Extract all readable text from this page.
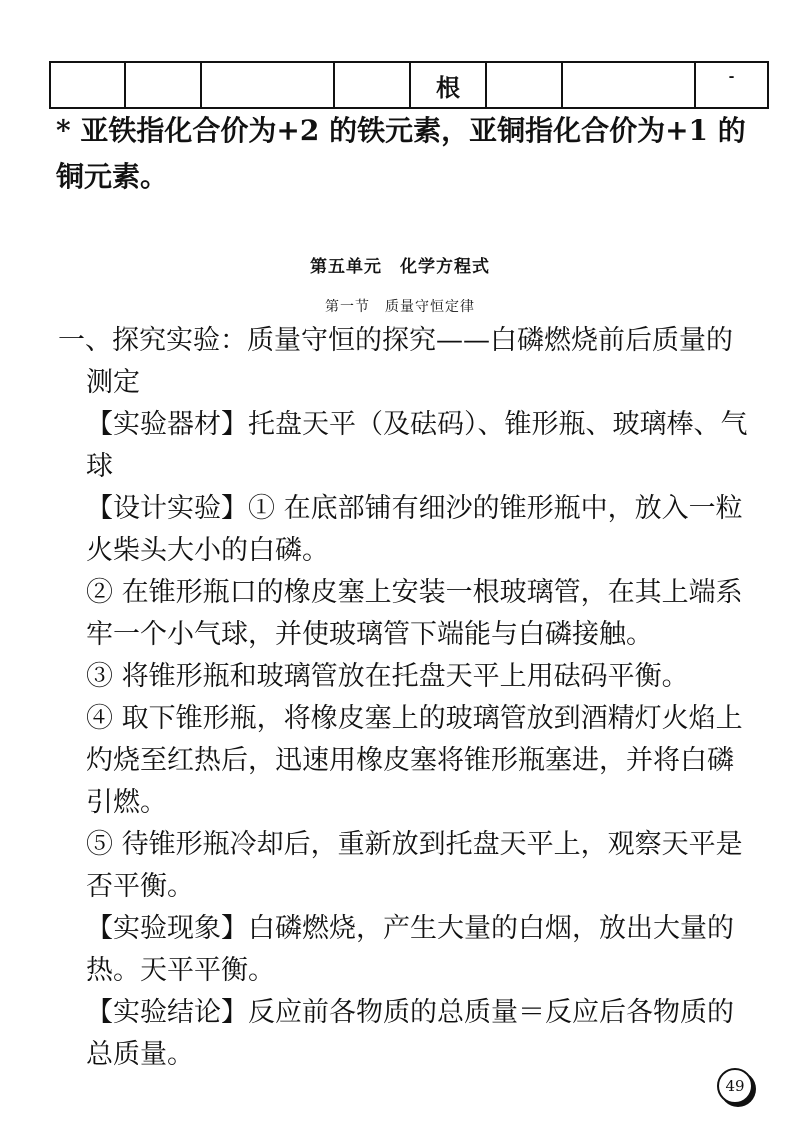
				根			-

* 亚铁指化合价为+2 的铁元素，亚铜指化合价为+1 的铜元素。

第五单元　化学方程式

第一节　质量守恒定律

一、探究实验：质量守恒的探究——白磷燃烧前后质量的测定

【实验器材】托盘天平（及砝码）、锥形瓶、玻璃棒、气球

【设计实验】① 在底部铺有细沙的锥形瓶中，放入一粒火柴头大小的白磷。

② 在锥形瓶口的橡皮塞上安装一根玻璃管，在其上端系牢一个小气球，并使玻璃管下端能与白磷接触。

③ 将锥形瓶和玻璃管放在托盘天平上用砝码平衡。

④ 取下锥形瓶，将橡皮塞上的玻璃管放到酒精灯火焰上灼烧至红热后，迅速用橡皮塞将锥形瓶塞进，并将白磷引燃。

⑤ 待锥形瓶冷却后，重新放到托盘天平上，观察天平是否平衡。

【实验现象】白磷燃烧，产生大量的白烟，放出大量的热。天平平衡。

【实验结论】反应前各物质的总质量＝反应后各物质的总质量。

49
